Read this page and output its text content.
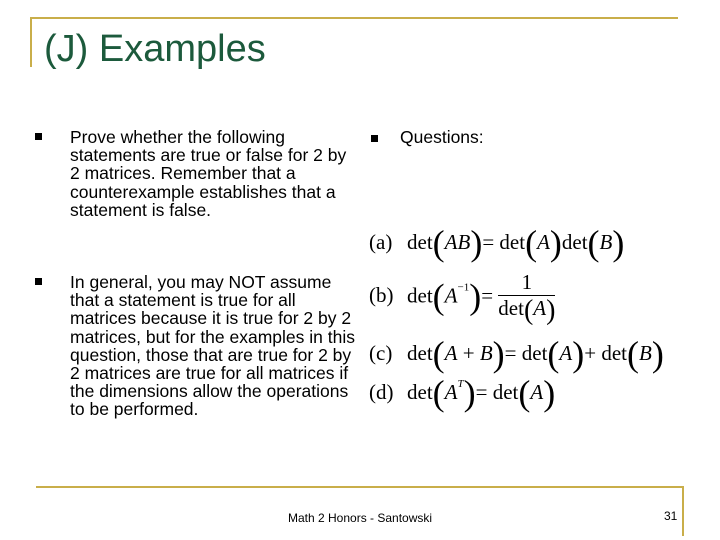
(J) Examples
Prove whether the following statements are true or false for 2 by 2 matrices. Remember that a counterexample establishes that a statement is false.
In general, you may NOT assume that a statement is true for all matrices because it is true for 2 by 2 matrices, but for the examples in this question, those that are true for 2 by 2 matrices are true for all matrices if the dimensions allow the operations to be performed.
Questions:
(a) det(AB)= det(A)det(B)
(b) $\det(A^{-1})= \frac{1}{\det(A)}$
(c) det(A + B)= det(A)+ det(B)
(d) $\det(A^T)= \det(A)$
Math 2 Honors - Santowski	31
